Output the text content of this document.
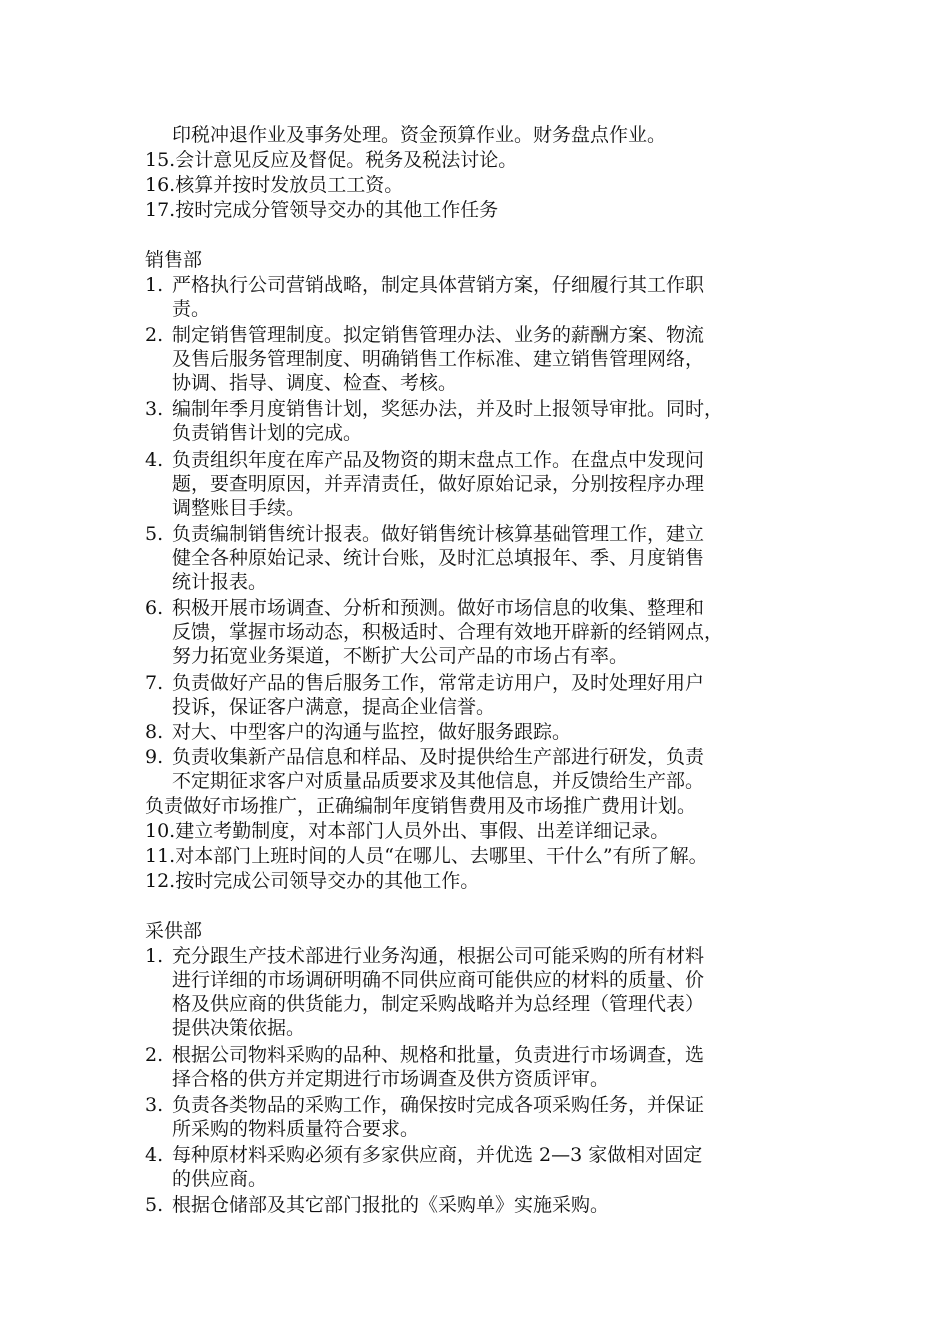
印税冲退作业及事务处理。资金预算作业。财务盘点作业。
15.会计意见反应及督促。税务及税法讨论。
16.核算并按时发放员工工资。
17.按时完成分管领导交办的其他工作任务
销售部
1. 严格执行公司营销战略，制定具体营销方案，仔细履行其工作职
责。
2. 制定销售管理制度。拟定销售管理办法、业务的薪酬方案、物流
及售后服务管理制度、明确销售工作标准、建立销售管理网络，
协调、指导、调度、检查、考核。
3. 编制年季月度销售计划，奖惩办法，并及时上报领导审批。同时，
负责销售计划的完成。
4. 负责组织年度在库产品及物资的期末盘点工作。在盘点中发现问
题，要查明原因，并弄清责任，做好原始记录，分别按程序办理
调整账目手续。
5. 负责编制销售统计报表。做好销售统计核算基础管理工作，建立
健全各种原始记录、统计台账，及时汇总填报年、季、月度销售
统计报表。
6. 积极开展市场调查、分析和预测。做好市场信息的收集、整理和
反馈，掌握市场动态，积极适时、合理有效地开辟新的经销网点，
努力拓宽业务渠道，不断扩大公司产品的市场占有率。
7. 负责做好产品的售后服务工作，常常走访用户，及时处理好用户
投诉，保证客户满意，提高企业信誉。
8. 对大、中型客户的沟通与监控，做好服务跟踪。
9. 负责收集新产品信息和样品、及时提供给生产部进行研发，负责
不定期征求客户对质量品质要求及其他信息，并反馈给生产部。
负责做好市场推广，正确编制年度销售费用及市场推广费用计划。
10.建立考勤制度，对本部门人员外出、事假、出差详细记录。
11.对本部门上班时间的人员“在哪儿、去哪里、干什么”有所了解。
12.按时完成公司领导交办的其他工作。
采供部
1. 充分跟生产技术部进行业务沟通，根据公司可能采购的所有材料
进行详细的市场调研明确不同供应商可能供应的材料的质量、价
格及供应商的供货能力，制定采购战略并为总经理（管理代表）
提供决策依据。
2. 根据公司物料采购的品种、规格和批量，负责进行市场调查，选
择合格的供方并定期进行市场调查及供方资质评审。
3. 负责各类物品的采购工作，确保按时完成各项采购任务，并保证
所采购的物料质量符合要求。
4. 每种原材料采购必须有多家供应商，并优选 2—3 家做相对固定
的供应商。
5. 根据仓储部及其它部门报批的《采购单》实施采购。
